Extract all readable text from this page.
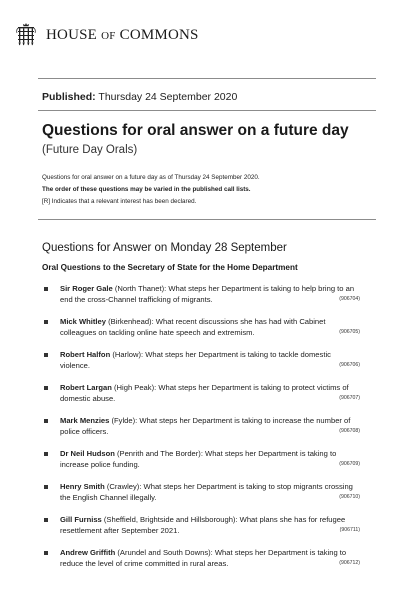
HOUSE OF COMMONS
Published: Thursday 24 September 2020
Questions for oral answer on a future day
(Future Day Orals)
Questions for oral answer on a future day as of Thursday 24 September 2020.
The order of these questions may be varied in the published call lists.
[R] Indicates that a relevant interest has been declared.
Questions for Answer on Monday 28 September
Oral Questions to the Secretary of State for the Home Department
Sir Roger Gale (North Thanet): What steps her Department is taking to help bring to an end the cross-Channel trafficking of migrants.	(906704)
Mick Whitley (Birkenhead): What recent discussions she has had with Cabinet colleagues on tackling online hate speech and extremism.	(906705)
Robert Halfon (Harlow): What steps her Department is taking to tackle domestic violence.	(906706)
Robert Largan (High Peak): What steps her Department is taking to protect victims of domestic abuse.	(906707)
Mark Menzies (Fylde): What steps her Department is taking to increase the number of police officers.	(906708)
Dr Neil Hudson (Penrith and The Border): What steps her Department is taking to increase police funding.	(906709)
Henry Smith (Crawley): What steps her Department is taking to stop migrants crossing the English Channel illegally.	(906710)
Gill Furniss (Sheffield, Brightside and Hillsborough): What plans she has for refugee resettlement after September 2021.	(906711)
Andrew Griffith (Arundel and South Downs): What steps her Department is taking to reduce the level of crime committed in rural areas.	(906712)
